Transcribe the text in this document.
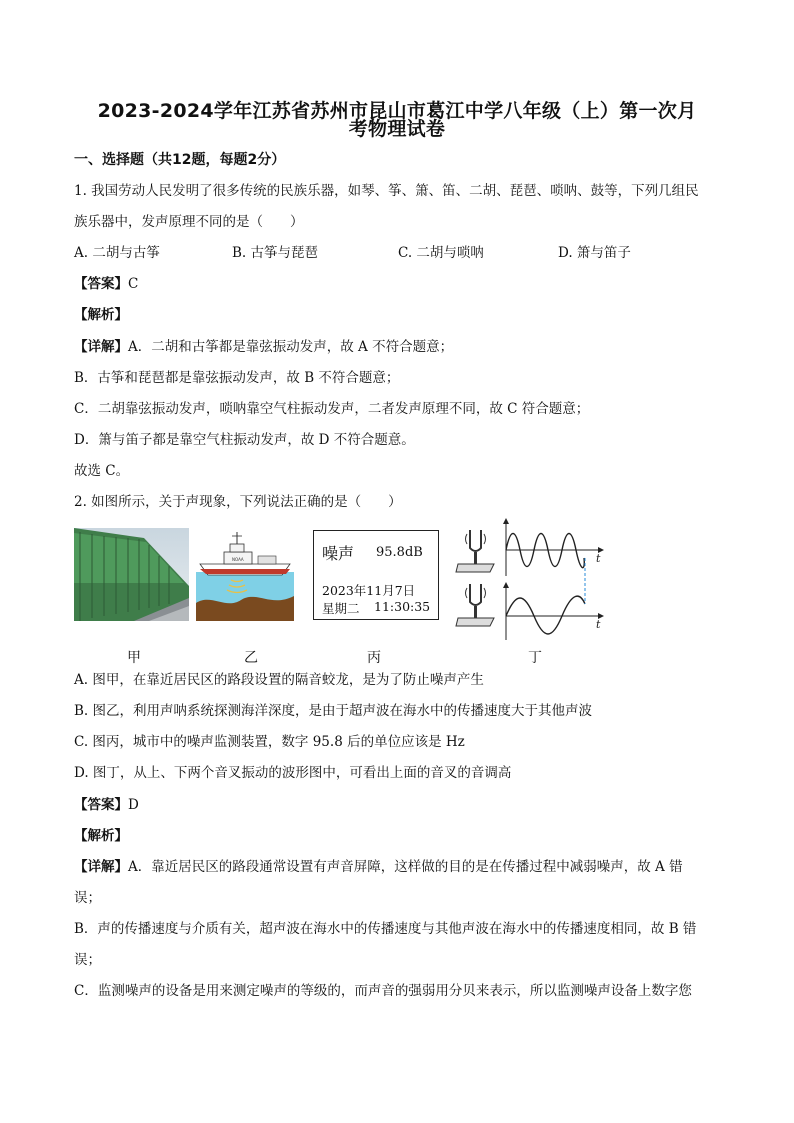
2023-2024学年江苏省苏州市昆山市葛江中学八年级（上）第一次月
考物理试卷
一、选择题（共12题，每题2分）
1. 我国劳动人民发明了很多传统的民族乐器，如琴、筝、箫、笛、二胡、琵琶、唢呐、鼓等，下列几组民
族乐器中，发声原理不同的是（　　）
A. 二胡与古筝	B. 古筝与琵琶	C. 二胡与唢呐	D. 箫与笛子
【答案】C
【解析】
【详解】A．二胡和古筝都是靠弦振动发声，故 A 不符合题意；
B．古筝和琵琶都是靠弦振动发声，故 B 不符合题意；
C．二胡靠弦振动发声，唢呐靠空气柱振动发声，二者发声原理不同，故 C 符合题意；
D．箫与笛子都是靠空气柱振动发声，故 D 不符合题意。
故选 C。
2. 如图所示，关于声现象，下列说法正确的是（　　）
NOAA	噪声 95.8dB
2023年11月7日
星期二 11:30:35
t
t
甲	乙	丙	丁
A. 图甲，在靠近居民区的路段设置的隔音蛟龙，是为了防止噪声产生
B. 图乙，利用声呐系统探测海洋深度，是由于超声波在海水中的传播速度大于其他声波
C. 图丙，城市中的噪声监测装置，数字 95.8 后的单位应该是 Hz
D. 图丁，从上、下两个音叉振动的波形图中，可看出上面的音叉的音调高
【答案】D
【解析】
【详解】A．靠近居民区的路段通常设置有声音屏障，这样做的目的是在传播过程中减弱噪声，故 A 错
误；
B．声的传播速度与介质有关，超声波在海水中的传播速度与其他声波在海水中的传播速度相同，故 B 错
误；
C．监测噪声的设备是用来测定噪声的等级的，而声音的强弱用分贝来表示，所以监测噪声设备上数字您
